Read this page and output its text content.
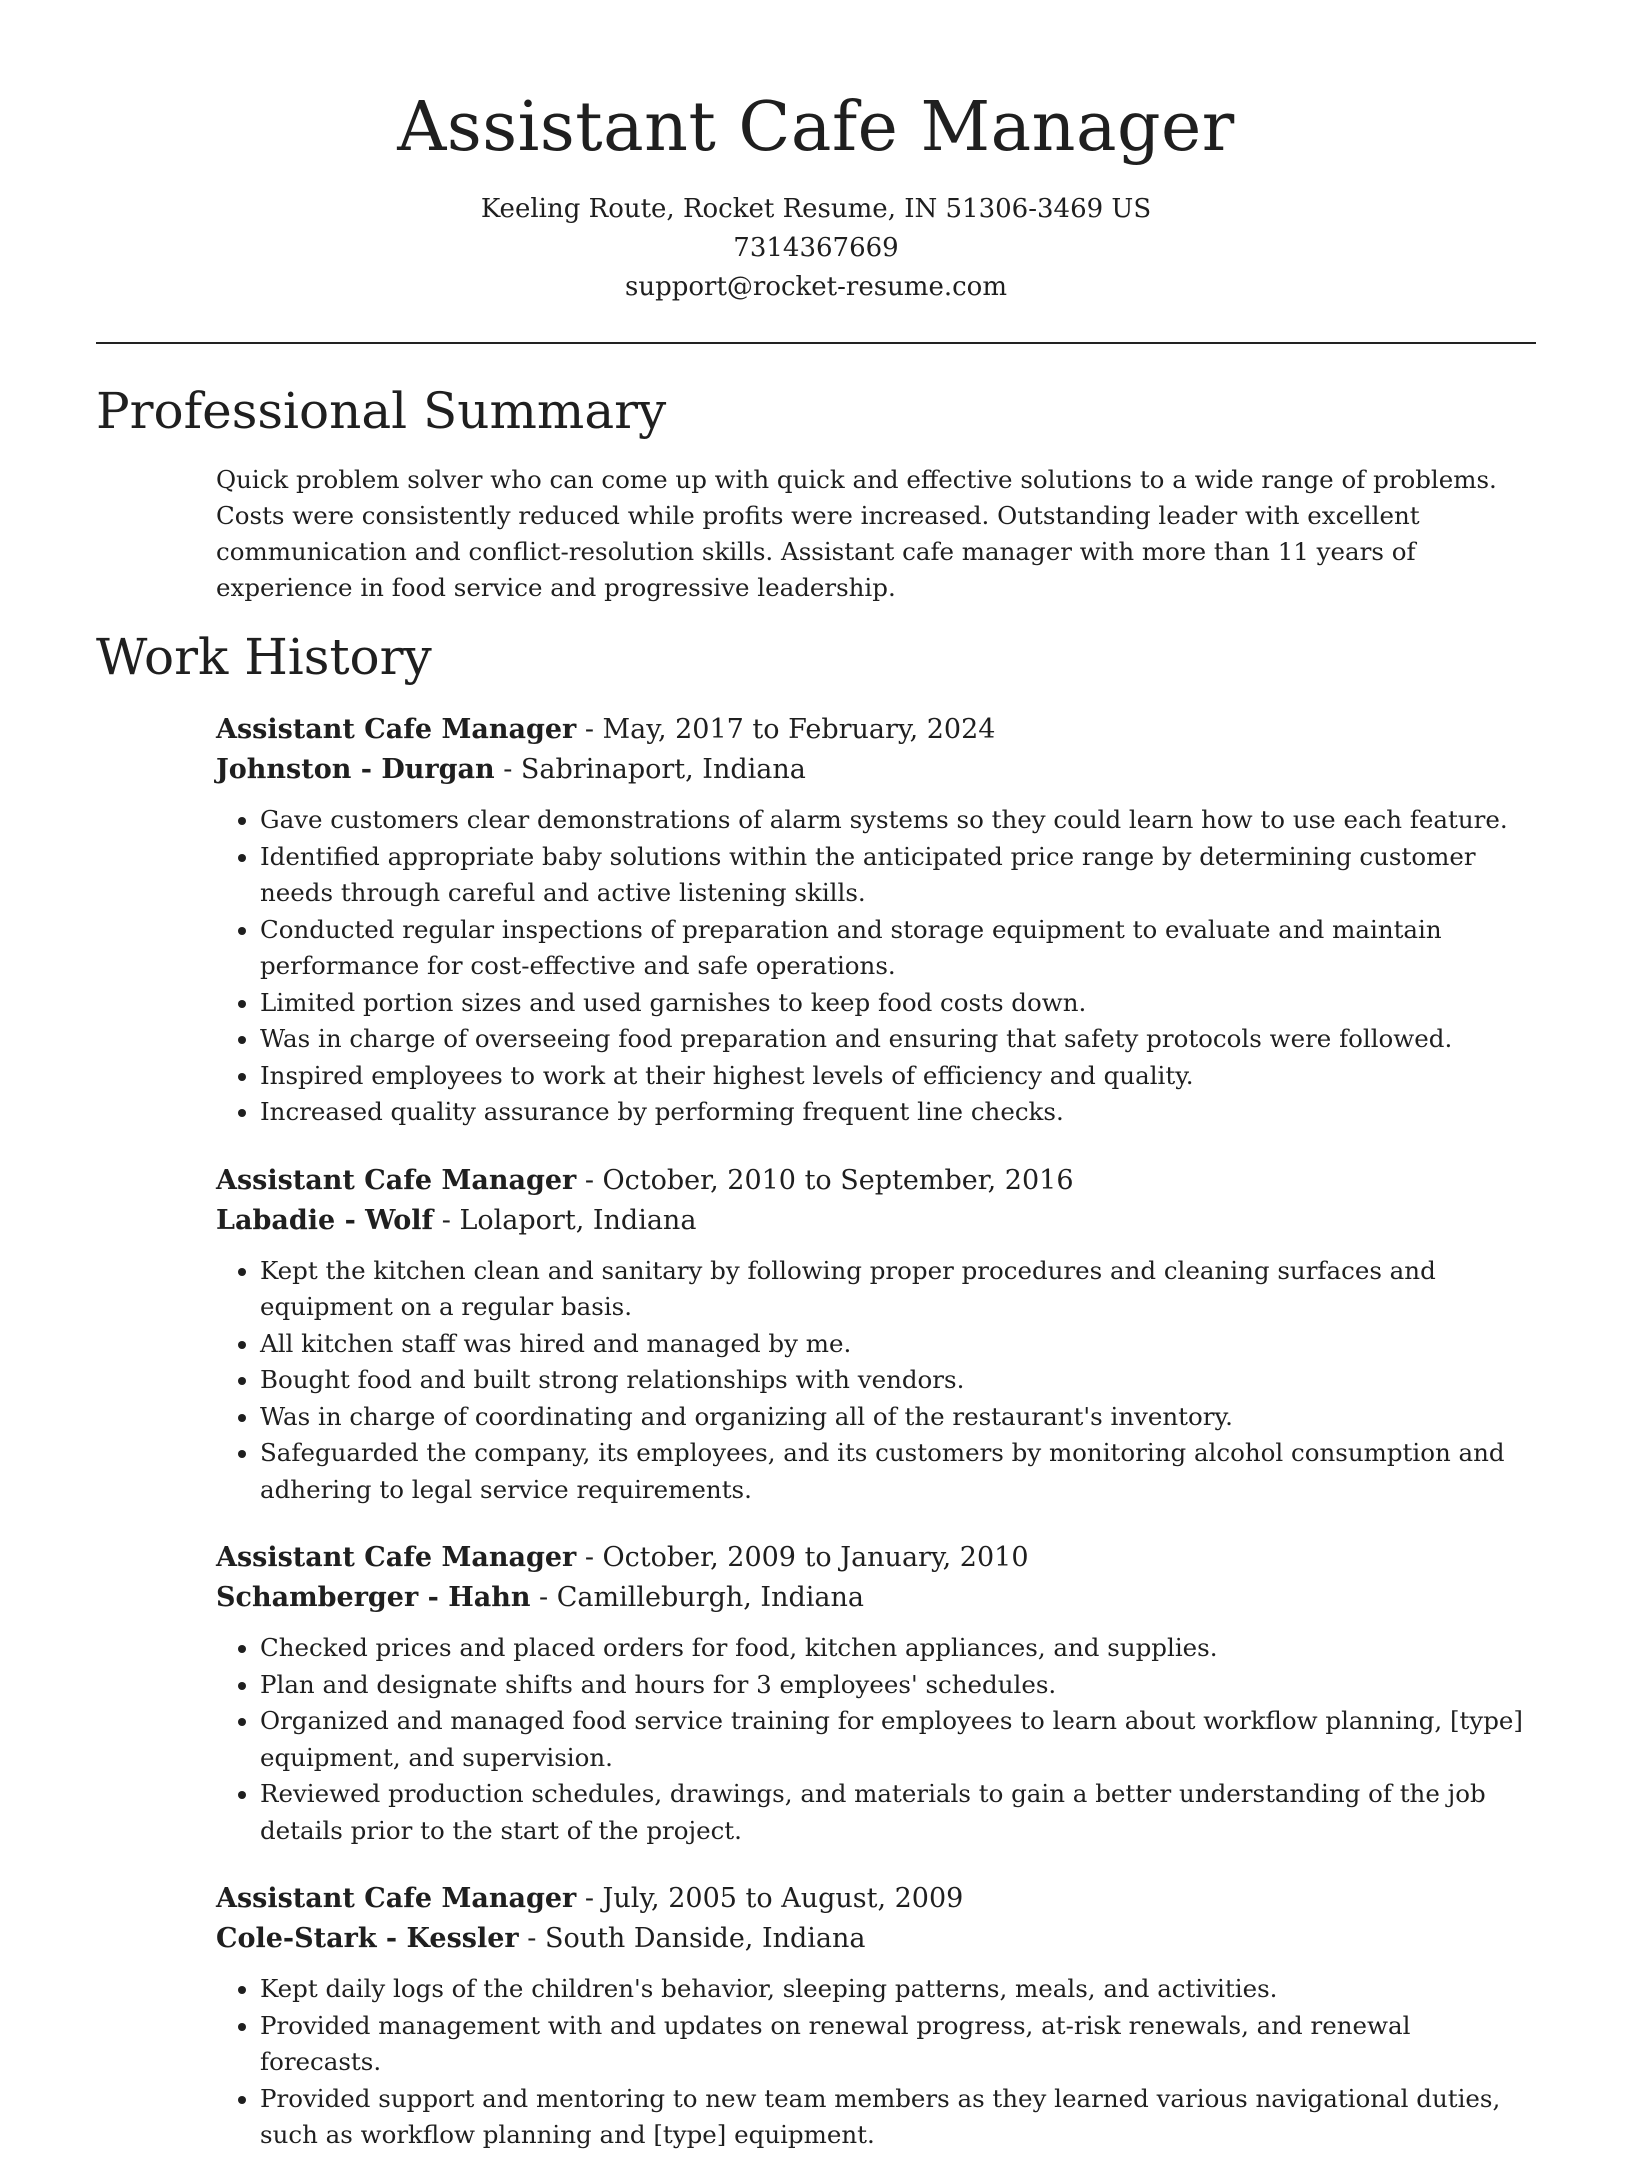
Assistant Cafe Manager
Keeling Route, Rocket Resume, IN 51306-3469 US
7314367669
support@rocket-resume.com
Professional Summary

Quick problem solver who can come up with quick and effective solutions to a wide range of problems. Costs were consistently reduced while profits were increased. Outstanding leader with excellent communication and conflict-resolution skills. Assistant cafe manager with more than 11 years of experience in food service and progressive leadership.

Work History
Assistant Cafe Manager - May, 2017 to February, 2024
Johnston - Durgan - Sabrinaport, Indiana
• Gave customers clear demonstrations of alarm systems so they could learn how to use each feature.
• Identified appropriate baby solutions within the anticipated price range by determining customer needs through careful and active listening skills.
• Conducted regular inspections of preparation and storage equipment to evaluate and maintain performance for cost-effective and safe operations.
• Limited portion sizes and used garnishes to keep food costs down.
• Was in charge of overseeing food preparation and ensuring that safety protocols were followed.
• Inspired employees to work at their highest levels of efficiency and quality.
• Increased quality assurance by performing frequent line checks.
Assistant Cafe Manager - October, 2010 to September, 2016
Labadie - Wolf - Lolaport, Indiana
• Kept the kitchen clean and sanitary by following proper procedures and cleaning surfaces and equipment on a regular basis.
• All kitchen staff was hired and managed by me.
• Bought food and built strong relationships with vendors.
• Was in charge of coordinating and organizing all of the restaurant's inventory.
• Safeguarded the company, its employees, and its customers by monitoring alcohol consumption and adhering to legal service requirements.
Assistant Cafe Manager - October, 2009 to January, 2010
Schamberger - Hahn - Camilleburgh, Indiana
• Checked prices and placed orders for food, kitchen appliances, and supplies.
• Plan and designate shifts and hours for 3 employees' schedules.
• Organized and managed food service training for employees to learn about workflow planning, [type] equipment, and supervision.
• Reviewed production schedules, drawings, and materials to gain a better understanding of the job details prior to the start of the project.
Assistant Cafe Manager - July, 2005 to August, 2009
Cole-Stark - Kessler - South Danside, Indiana
• Kept daily logs of the children's behavior, sleeping patterns, meals, and activities.
• Provided management with and updates on renewal progress, at-risk renewals, and renewal forecasts.
• Provided support and mentoring to new team members as they learned various navigational duties, such as workflow planning and [type] equipment.
